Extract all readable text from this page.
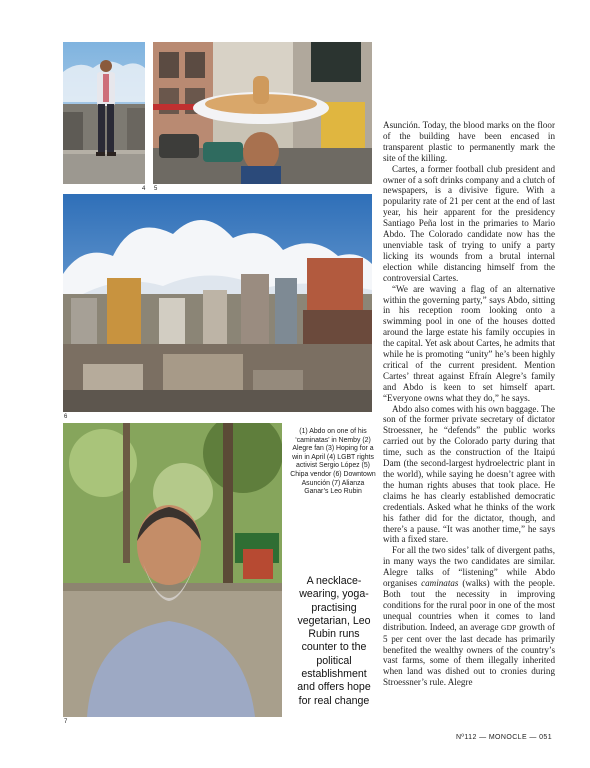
4 5
6
7
(1) Abdo on one of his ‘caminatas’ in Nemby (2) Alegre fan (3) Hoping for a win in April (4) LGBT rights activist Sergio López (5) Chipa vendor (6) Downtown Asunción (7) Alianza Ganar’s Leo Rubin
A necklace-wearing, yoga-practising vegetarian, Leo Rubin runs counter to the political establishment and offers hope for real change

Asunción. Today, the blood marks on the floor of the building have been encased in transparent plastic to permanently mark the site of the killing.

Cartes, a former football club president and owner of a soft drinks company and a clutch of newspapers, is a divisive figure. With a popularity rate of 21 per cent at the end of last year, his heir apparent for the presidency Santiago Peña lost in the primaries to Mario Abdo. The Colorado candidate now has the unenviable task of trying to unify a party licking its wounds from a brutal internal election while distancing himself from the controversial Cartes.

“We are waving a flag of an alternative within the governing party,” says Abdo, sitting in his reception room looking onto a swimming pool in one of the houses dotted around the large estate his family occupies in the capital. Yet ask about Cartes, he admits that while he is promoting “unity” he’s been highly critical of the current president. Mention Cartes’ threat against Efraín Alegre’s family and Abdo is keen to set himself apart. “Everyone owns what they do,” he says.

Abdo also comes with his own baggage. The son of the former private secretary of dictator Stroessner, he “defends” the public works carried out by the Colorado party during that time, such as the construction of the Itaipú Dam (the second-largest hydroelectric plant in the world), while saying he doesn’t agree with the human rights abuses that took place. He claims he has clearly established democratic credentials. Asked what he thinks of the work his father did for the dictator, though, and there’s a pause. “It was another time,” he says with a fixed stare.

For all the two sides’ talk of divergent paths, in many ways the two candidates are similar. Alegre talks of “listening” while Abdo organises caminatas (walks) with the people. Both tout the necessity in improving conditions for the rural poor in one of the most unequal countries when it comes to land distribution. Indeed, an average GDP growth of 5 per cent over the last decade has primarily benefited the wealthy owners of the country’s vast farms, some of them illegally inherited when land was dished out to cronies during Stroessner’s rule. Alegre

Nº112 — MONOCLE — 051
